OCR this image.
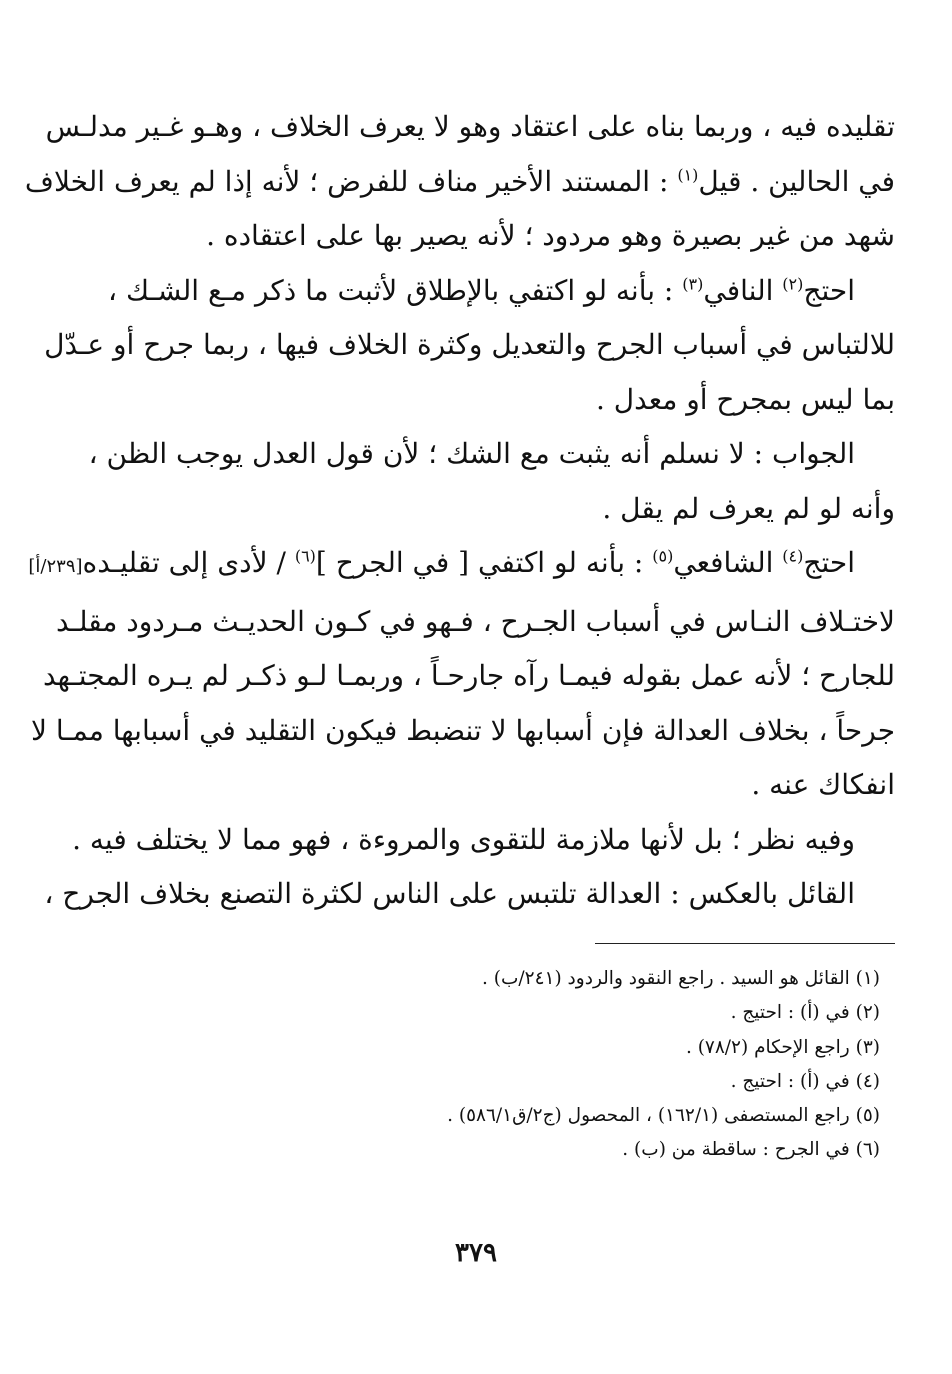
تقليده فيه ، وربما بناه على اعتقاد وهو لا يعرف الخلاف ، وهـو غـير مدلـس
في الحالين . قيل$^{(١)}$ : المستند الأخير مناف للفرض ؛ لأنه إذا لم يعرف الخلاف
شهد من غير بصيرة وهو مردود ؛ لأنه يصير بها على اعتقاده .
احتج$^{(٢)}$ النافي$^{(٣)}$ : بأنه لو اكتفي بالإطلاق لأثبت ما ذكر مـع الشـك ،
للالتباس في أسباب الجرح والتعديل وكثرة الخلاف فيها ، ربما جرح أو عـدّل
بما ليس بمجرح أو معدل .
الجواب : لا نسلم أنه يثبت مع الشك ؛ لأن قول العدل يوجب الظن ،
وأنه لو لم يعرف لم يقل .
احتج$^{(٤)}$ الشافعي$^{(٥)}$ : بأنه لو اكتفي [ في الجرح ]$^{(٦)}$ / لأدى إلى تقليـده[٢٣٩/أ]
لاختـلاف النـاس في أسباب الجـرح ، فـهو في كـون الحديـث مـردود مقلـد
للجارح ؛ لأنه عمل بقوله فيمـا رآه جارحـاً ، وربمـا لـو ذكـر لم يـره المجتـهد
جرحاً ، بخلاف العدالة فإن أسبابها لا تنضبط فيكون التقليد في أسبابها ممـا لا
انفكاك عنه .
وفيه نظر ؛ بل لأنها ملازمة للتقوى والمروءة ، فهو مما لا يختلف فيه .
القائل بالعكس : العدالة تلتبس على الناس لكثرة التصنع بخلاف الجرح ،
(١) القائل هو السيد . راجع النقود والردود (٢٤١/ب) .
(٢) في (أ) : احتيج .
(٣) راجع الإحكام (٧٨/٢) .
(٤) في (أ) : احتيج .
(٥) راجع المستصفى (١٦٢/١) ، المحصول (ج٢/ق٥٨٦/١) .
(٦) في الجرح : ساقطة من (ب) .
٣٧٩
